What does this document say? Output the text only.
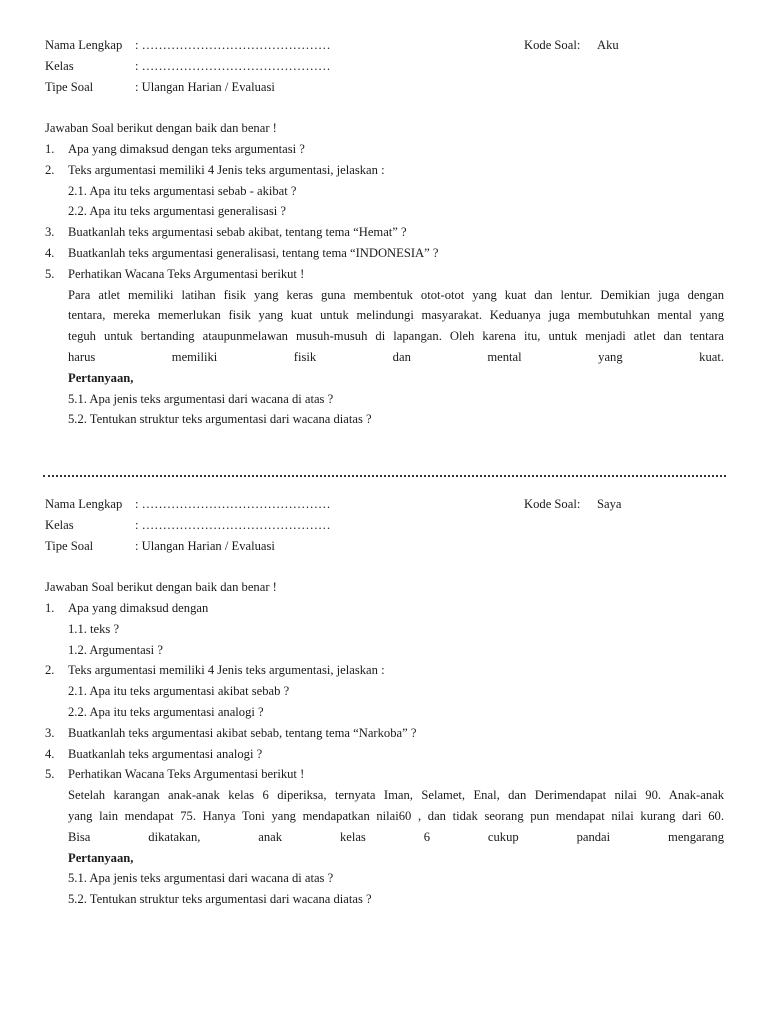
Nama Lengkap : ………………………………………	Kode Soal: Aku
Kelas	: ………………………………………
Tipe Soal	: Ulangan Harian / Evaluasi
Jawaban Soal berikut dengan baik dan benar !
1. Apa yang dimaksud dengan teks argumentasi ?
2. Teks argumentasi memiliki 4 Jenis teks argumentasi, jelaskan :
2.1. Apa itu teks argumentasi sebab - akibat ?
2.2. Apa itu teks argumentasi generalisasi ?
3. Buatkanlah teks argumentasi sebab akibat, tentang tema “Hemat” ?
4. Buatkanlah teks argumentasi generalisasi, tentang tema “INDONESIA” ?
5. Perhatikan Wacana Teks Argumentasi berikut !
Para atlet memiliki latihan fisik yang keras guna membentuk otot-otot yang kuat dan lentur. Demikian juga dengan
tentara, mereka memerlukan fisik yang kuat untuk melindungi masyarakat. Keduanya juga membutuhkan mental yang
teguh untuk bertanding ataupunmelawan musuh-musuh di lapangan. Oleh karena itu, untuk menjadi atlet dan tentara
harus memiliki fisik dan mental yang kuat.
Pertanyaan,
5.1. Apa jenis teks argumentasi dari wacana di atas ?
5.2. Tentukan struktur teks argumentasi dari wacana diatas ?
Nama Lengkap : ………………………………………	Kode Soal: Saya
Kelas	: ………………………………………
Tipe Soal	: Ulangan Harian / Evaluasi
Jawaban Soal berikut dengan baik dan benar !
1. Apa yang dimaksud dengan
1.1. teks ?
1.2. Argumentasi ?
2. Teks argumentasi memiliki 4 Jenis teks argumentasi, jelaskan :
2.1. Apa itu teks argumentasi akibat sebab ?
2.2. Apa itu teks argumentasi analogi ?
3. Buatkanlah teks argumentasi akibat sebab, tentang tema “Narkoba” ?
4. Buatkanlah teks argumentasi analogi ?
5. Perhatikan Wacana Teks Argumentasi berikut !
Setelah karangan anak-anak kelas 6 diperiksa, ternyata Iman, Selamet, Enal, dan Derimendapat nilai 90. Anak-anak
yang lain mendapat 75. Hanya Toni yang mendapatkan nilai60 , dan tidak seorang pun mendapat nilai kurang dari 60.
Bisa dikatakan, anak kelas 6 cukup pandai mengarang
Pertanyaan,
5.1. Apa jenis teks argumentasi dari wacana di atas ?
5.2. Tentukan struktur teks argumentasi dari wacana diatas ?
